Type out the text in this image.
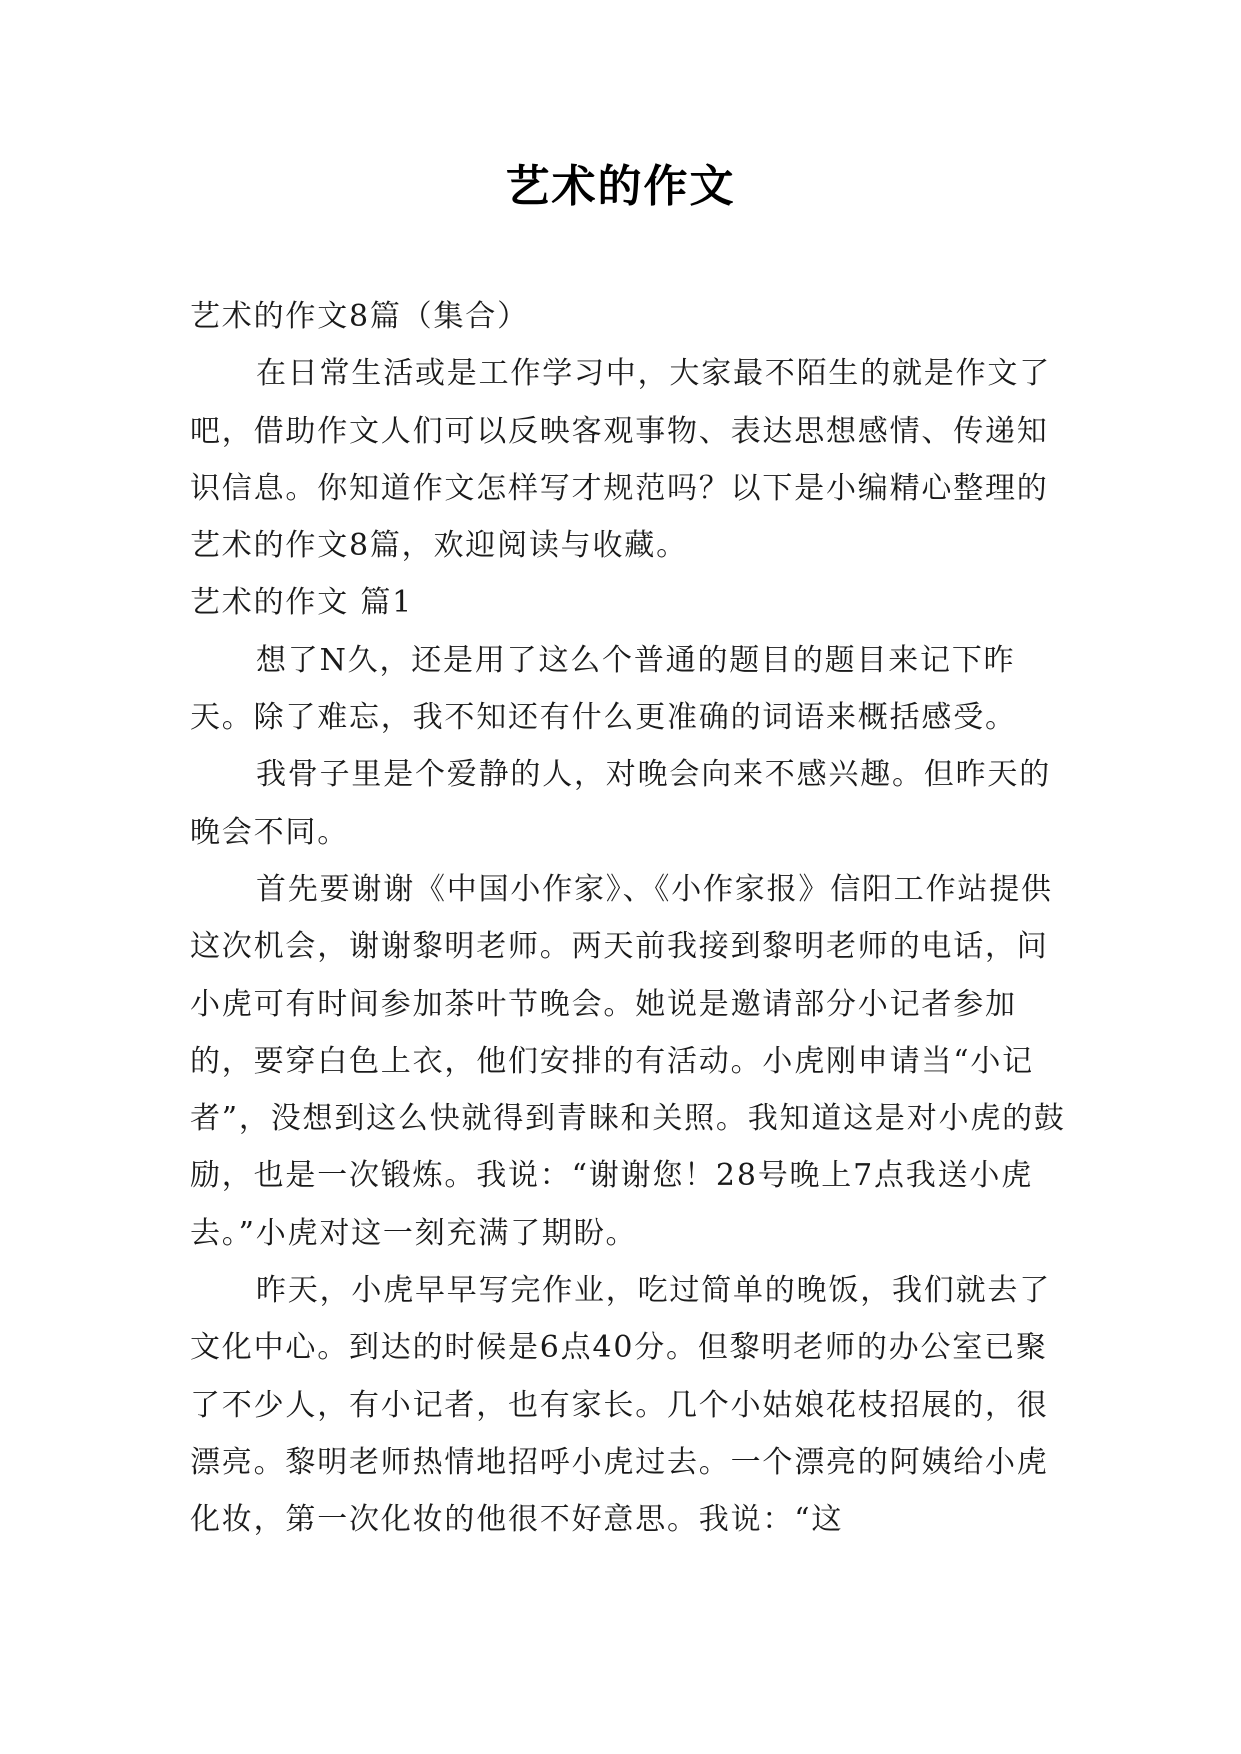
艺术的作文

艺术的作文8篇（集合）

在日常生活或是工作学习中，大家最不陌生的就是作文了吧，借助作文人们可以反映客观事物、表达思想感情、传递知识信息。你知道作文怎样写才规范吗？以下是小编精心整理的艺术的作文8篇，欢迎阅读与收藏。

艺术的作文 篇1

想了N久，还是用了这么个普通的题目的题目来记下昨天。除了难忘，我不知还有什么更准确的词语来概括感受。

我骨子里是个爱静的人，对晚会向来不感兴趣。但昨天的晚会不同。

首先要谢谢《中国小作家》、《小作家报》信阳工作站提供这次机会，谢谢黎明老师。两天前我接到黎明老师的电话，问小虎可有时间参加茶叶节晚会。她说是邀请部分小记者参加的，要穿白色上衣，他们安排的有活动。小虎刚申请当“小记者”，没想到这么快就得到青睐和关照。我知道这是对小虎的鼓励，也是一次锻炼。我说：“谢谢您！28号晚上7点我送小虎去。”小虎对这一刻充满了期盼。

昨天，小虎早早写完作业，吃过简单的晚饭，我们就去了文化中心。到达的时候是6点40分。但黎明老师的办公室已聚了不少人，有小记者，也有家长。几个小姑娘花枝招展的，很漂亮。黎明老师热情地招呼小虎过去。一个漂亮的阿姨给小虎化妆，第一次化妆的他很不好意思。我说：“这
